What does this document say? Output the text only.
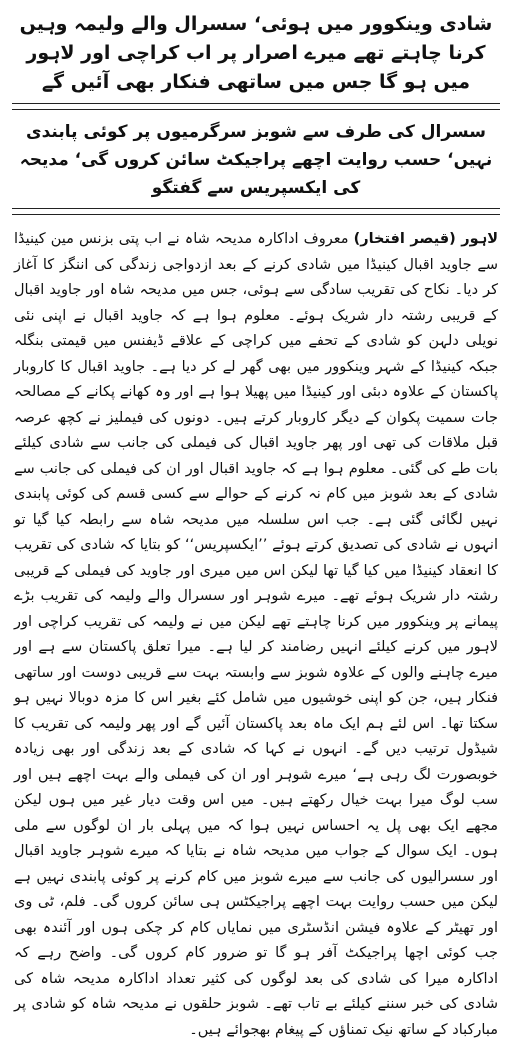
شادی وینکوور میں ہوئی‘ سسرال والے ولیمہ وہیں کرنا چاہتے تھے میرے اصرار پر اب کراچی اور لاہور میں ہو گا جس میں ساتھی فنکار بھی آئیں گے
سسرال کی طرف سے شوبز سرگرمیوں پر کوئی پابندی نہیں‘ حسب روایت اچھے پراجیکٹ سائن کروں گی‘ مدیحہ کی ایکسپریس سے گفتگو

لاہور (قیصر افتخار) معروف اداکارہ مدیحہ شاہ نے اب پتی بزنس مین کینیڈا سے جاوید اقبال کینیڈا میں شادی کرنے کے بعد ازدواجی زندگی کی اننگز کا آغاز کر دیا۔ نکاح کی تقریب سادگی سے ہوئی، جس میں مدیحہ شاہ اور جاوید اقبال کے قریبی رشتہ دار شریک ہوئے۔ معلوم ہوا ہے کہ جاوید اقبال نے اپنی نئی نویلی دلہن کو شادی کے تحفے میں کراچی کے علاقے ڈیفنس میں قیمتی بنگلہ جبکہ کینیڈا کے شہر وینکوور میں بھی گھر لے کر دیا ہے۔ جاوید اقبال کا کاروبار پاکستان کے علاوہ دبئی اور کینیڈا میں پھیلا ہوا ہے اور وہ کھانے پکانے کے مصالحہ جات سمیت پکوان کے دیگر کاروبار کرتے ہیں۔ دونوں کی فیملیز نے کچھ عرصہ قبل ملاقات کی تھی اور پھر جاوید اقبال کی فیملی کی جانب سے شادی کیلئے بات طے کی گئی۔ معلوم ہوا ہے کہ جاوید اقبال اور ان کی فیملی کی جانب سے شادی کے بعد شوبز میں کام نہ کرنے کے حوالے سے کسی قسم کی کوئی پابندی نہیں لگائی گئی ہے۔ جب اس سلسلہ میں مدیحہ شاہ سے رابطہ کیا گیا تو انہوں نے شادی کی تصدیق کرتے ہوئے ’’ایکسپریس‘‘ کو بتایا کہ شادی کی تقریب کا انعقاد کینیڈا میں کیا گیا تھا لیکن اس میں میری اور جاوید کی فیملی کے قریبی رشتہ دار شریک ہوئے تھے۔ میرے شوہر اور سسرال والے ولیمہ کی تقریب بڑے پیمانے پر وینکوور میں کرنا چاہتے تھے لیکن میں نے ولیمہ کی تقریب کراچی اور لاہور میں کرنے کیلئے انہیں رضامند کر لیا ہے۔ میرا تعلق پاکستان سے ہے اور میرے چاہنے والوں کے علاوہ شوبز سے وابستہ بہت سے قریبی دوست اور ساتھی فنکار ہیں، جن کو اپنی خوشیوں میں شامل کئے بغیر اس کا مزہ دوبالا نہیں ہو سکتا تھا۔ اس لئے ہم ایک ماہ بعد پاکستان آئیں گے اور پھر ولیمہ کی تقریب کا شیڈول ترتیب دیں گے۔ انہوں نے کہا کہ شادی کے بعد زندگی اور بھی زیادہ خوبصورت لگ رہی ہے‘ میرے شوہر اور ان کی فیملی والے بہت اچھے ہیں اور سب لوگ میرا بہت خیال رکھتے ہیں۔ میں اس وقت دیار غیر میں ہوں لیکن مجھے ایک بھی پل یہ احساس نہیں ہوا کہ میں پہلی بار ان لوگوں سے ملی ہوں۔ ایک سوال کے جواب میں مدیحہ شاہ نے بتایا کہ میرے شوہر جاوید اقبال اور سسرالیوں کی جانب سے میرے شوبز میں کام کرنے پر کوئی پابندی نہیں ہے لیکن میں حسب روایت بہت اچھے پراجیکٹس ہی سائن کروں گی۔ فلم، ٹی وی اور تھیٹر کے علاوہ فیشن انڈسٹری میں نمایاں کام کر چکی ہوں اور آئندہ بھی جب کوئی اچھا پراجیکٹ آفر ہو گا تو ضرور کام کروں گی۔ واضح رہے کہ اداکارہ میرا کی شادی کی بعد لوگوں کی کثیر تعداد اداکارہ مدیحہ شاہ کی شادی کی خبر سننے کیلئے بے تاب تھے۔ شوبز حلقوں نے مدیحہ شاہ کو شادی پر مبارکباد کے ساتھ نیک تمناؤں کے پیغام بھجوائے ہیں۔
